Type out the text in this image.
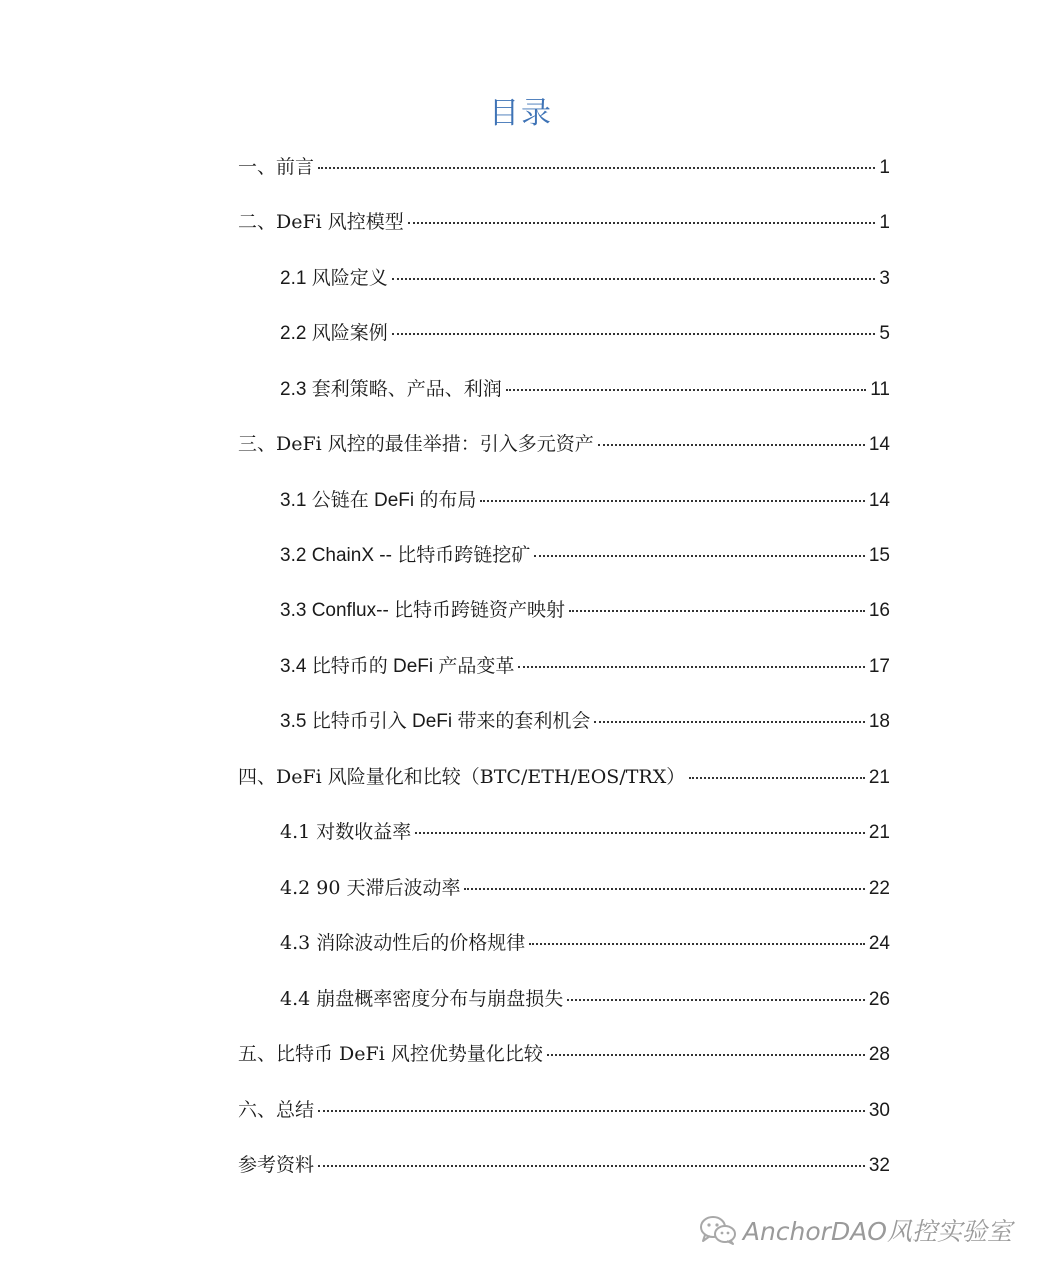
目录
一、前言	1
二、DeFi 风控模型	1
2.1 风险定义	3
2.2 风险案例	5
2.3 套利策略、产品、利润	11
三、DeFi 风控的最佳举措：引入多元资产	14
3.1 公链在 DeFi 的布局	14
3.2 ChainX -- 比特币跨链挖矿	15
3.3 Conflux-- 比特币跨链资产映射	16
3.4 比特币的 DeFi 产品变革	17
3.5 比特币引入 DeFi 带来的套利机会	18
四、DeFi 风险量化和比较（BTC/ETH/EOS/TRX）	21
4.1 对数收益率	21
4.2 90 天滞后波动率	22
4.3 消除波动性后的价格规律	24
4.4 崩盘概率密度分布与崩盘损失	26
五、比特币 DeFi 风控优势量化比较	28
六、总结	30
参考资料	32
AnchorDAO风控实验室
